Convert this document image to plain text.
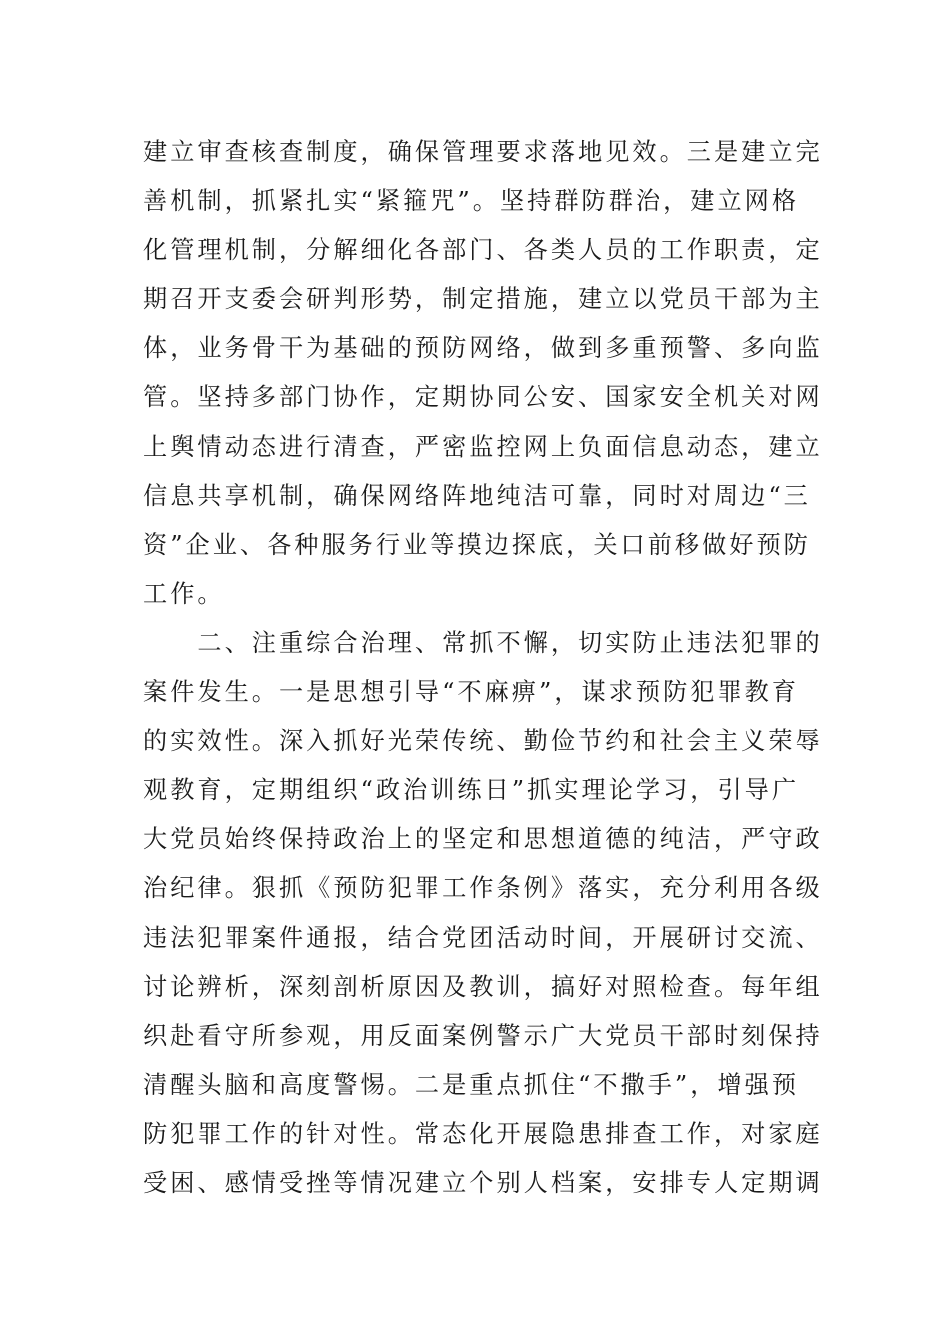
建立审查核查制度，确保管理要求落地见效。三是建立完
善机制，抓紧扎实“紧箍咒”。坚持群防群治，建立网格
化管理机制，分解细化各部门、各类人员的工作职责，定
期召开支委会研判形势，制定措施，建立以党员干部为主
体，业务骨干为基础的预防网络，做到多重预警、多向监
管。坚持多部门协作，定期协同公安、国家安全机关对网
上舆情动态进行清查，严密监控网上负面信息动态，建立
信息共享机制，确保网络阵地纯洁可靠，同时对周边“三
资”企业、各种服务行业等摸边探底，关口前移做好预防
工作。
　　二、注重综合治理、常抓不懈，切实防止违法犯罪的
案件发生。一是思想引导“不麻痹”，谋求预防犯罪教育
的实效性。深入抓好光荣传统、勤俭节约和社会主义荣辱
观教育，定期组织“政治训练日”抓实理论学习，引导广
大党员始终保持政治上的坚定和思想道德的纯洁，严守政
治纪律。狠抓《预防犯罪工作条例》落实，充分利用各级
违法犯罪案件通报，结合党团活动时间，开展研讨交流、
讨论辨析，深刻剖析原因及教训，搞好对照检查。每年组
织赴看守所参观，用反面案例警示广大党员干部时刻保持
清醒头脑和高度警惕。二是重点抓住“不撒手”，增强预
防犯罪工作的针对性。常态化开展隐患排查工作，对家庭
受困、感情受挫等情况建立个别人档案，安排专人定期调
